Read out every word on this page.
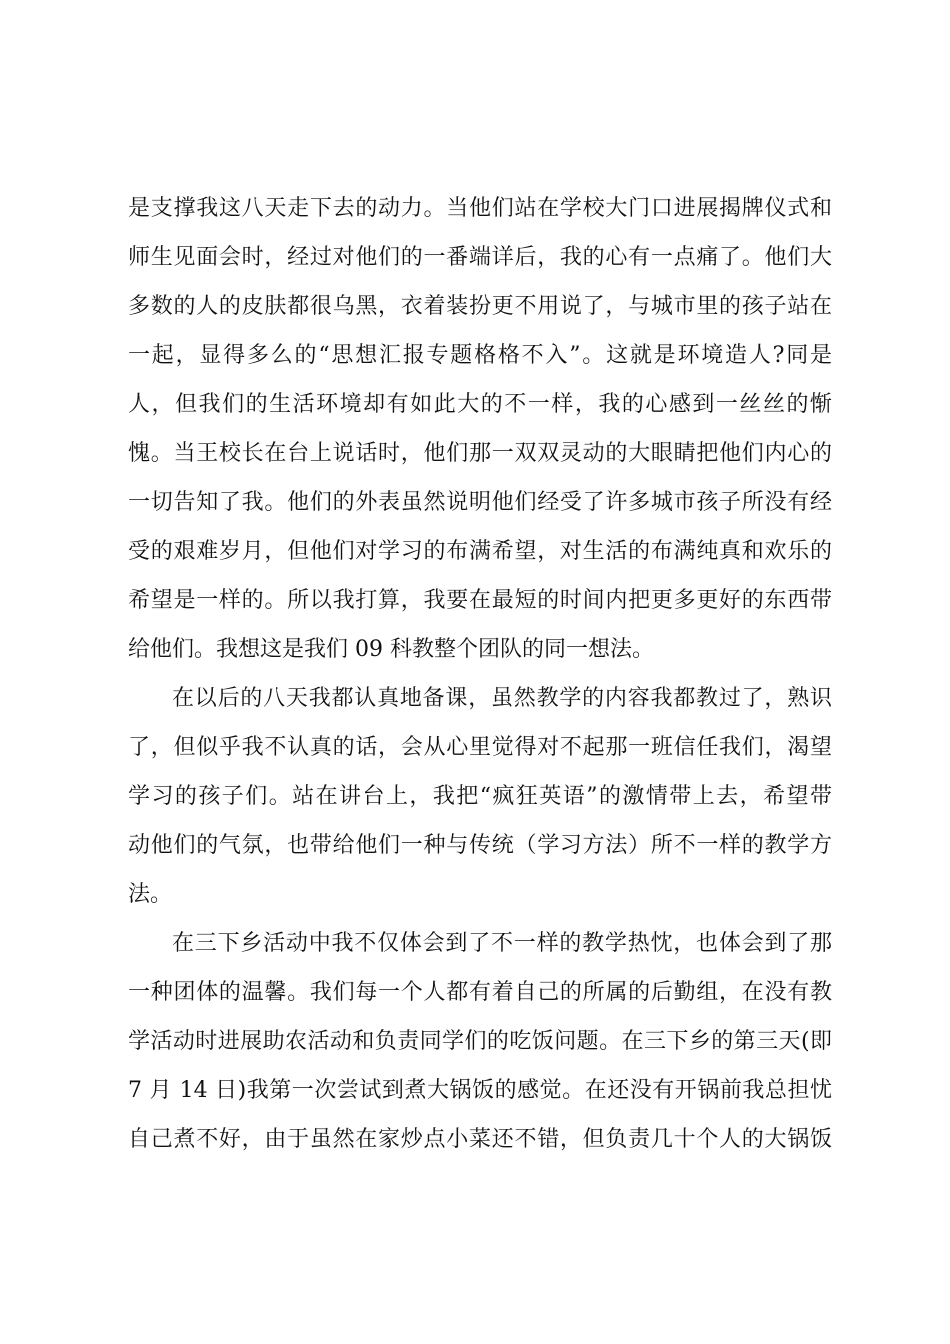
是支撑我这八天走下去的动力。当他们站在学校大门口进展揭牌仪式和
师生见面会时，经过对他们的一番端详后，我的心有一点痛了。他们大
多数的人的皮肤都很乌黑，衣着装扮更不用说了，与城市里的孩子站在
一起，显得多么的“思想汇报专题格格不入”。这就是环境造人?同是
人，但我们的生活环境却有如此大的不一样，我的心感到一丝丝的惭
愧。当王校长在台上说话时，他们那一双双灵动的大眼睛把他们内心的
一切告知了我。他们的外表虽然说明他们经受了许多城市孩子所没有经
受的艰难岁月，但他们对学习的布满希望，对生活的布满纯真和欢乐的
希望是一样的。所以我打算，我要在最短的时间内把更多更好的东西带
给他们。我想这是我们 09 科教整个团队的同一想法。
在以后的八天我都认真地备课，虽然教学的内容我都教过了，熟识
了，但似乎我不认真的话，会从心里觉得对不起那一班信任我们，渴望
学习的孩子们。站在讲台上，我把“疯狂英语”的激情带上去，希望带
动他们的气氛，也带给他们一种与传统（学习方法）所不一样的教学方
法。
在三下乡活动中我不仅体会到了不一样的教学热忱，也体会到了那
一种团体的温馨。我们每一个人都有着自己的所属的后勤组，在没有教
学活动时进展助农活动和负责同学们的吃饭问题。在三下乡的第三天(即
7 月 14 日)我第一次尝试到煮大锅饭的感觉。在还没有开锅前我总担忧
自己煮不好，由于虽然在家炒点小菜还不错，但负责几十个人的大锅饭
